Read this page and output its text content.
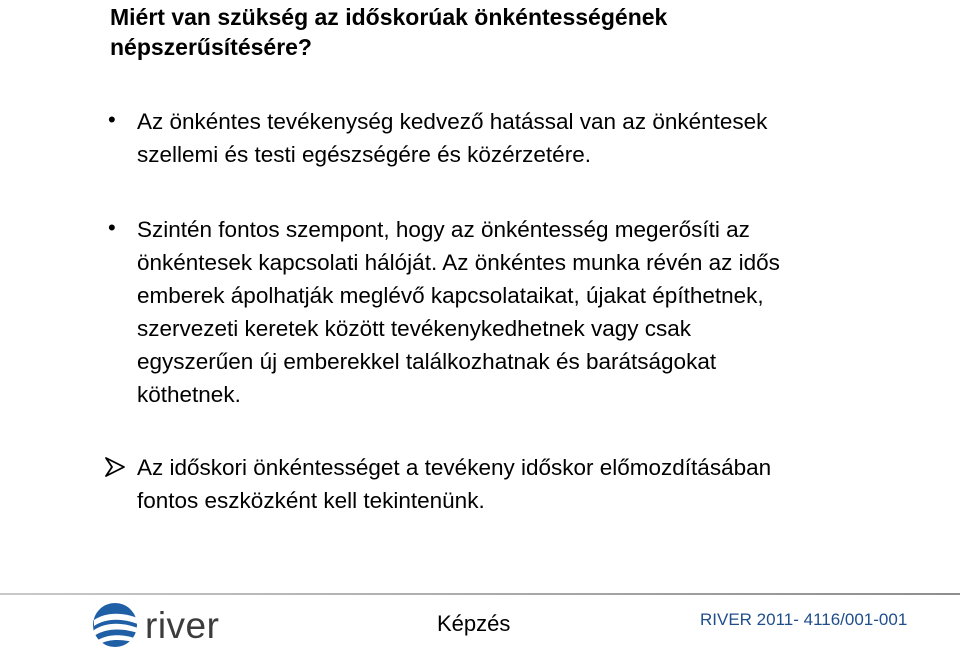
Miért van szükség az időskorúak önkéntességének
népszerűsítésére?
• Az önkéntes tevékenység kedvező hatással van az önkéntesek
szellemi és testi egészségére és közérzetére.
• Szintén fontos szempont, hogy az önkéntesség megerősíti az
önkéntesek kapcsolati hálóját. Az önkéntes munka révén az idős
emberek ápolhatják meglévő kapcsolataikat, újakat építhetnek,
szervezeti keretek között tevékenykedhetnek vagy csak
egyszerűen új emberekkel találkozhatnak és barátságokat
köthetnek.
Az időskori önkéntességet a tevékeny időskor előmozdításában
fontos eszközként kell tekintenünk.
river	Képzés	RIVER 2011- 4116/001-001
